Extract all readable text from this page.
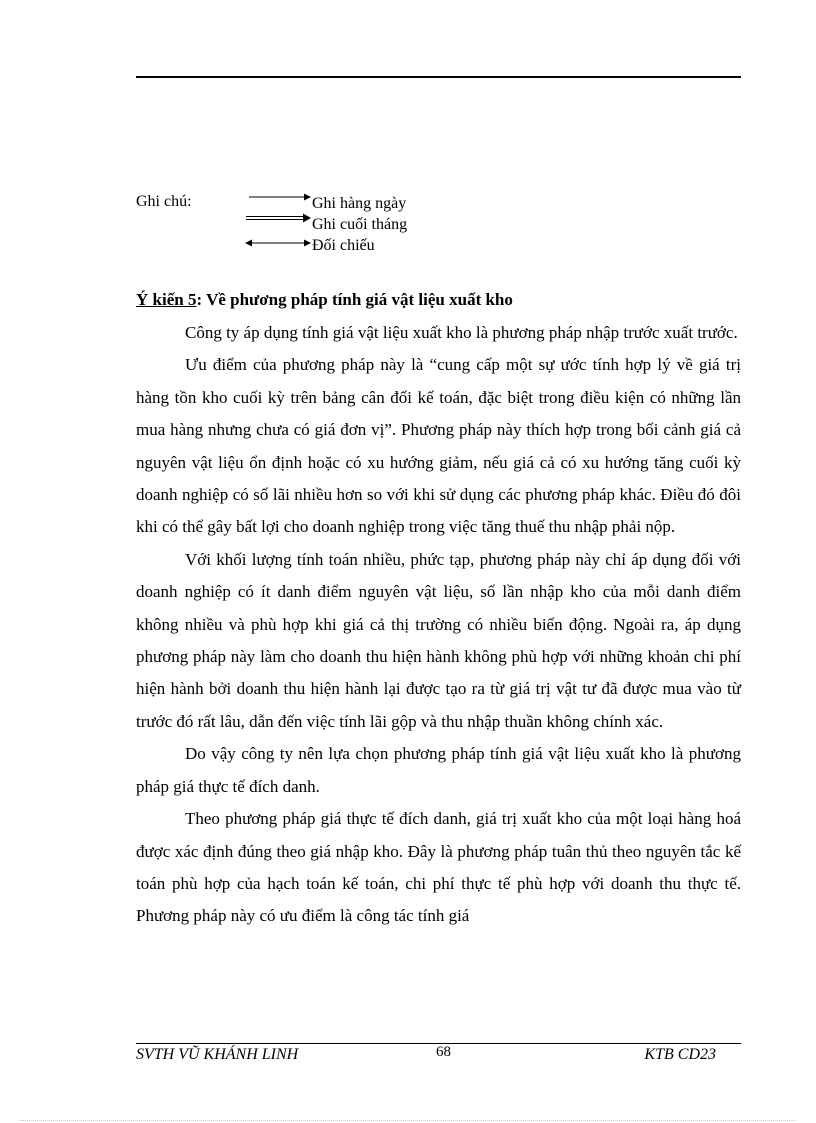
Ghi chú:	Ghi hàng ngày
Ghi cuối tháng
Đối chiếu
Ý kiến 5: Về phương pháp tính giá vật liệu xuất kho

Công ty áp dụng tính giá vật liệu xuất kho là phương pháp nhập trước xuất trước.

Ưu điểm của phương pháp này là “cung cấp một sự ước tính hợp lý về giá trị hàng tồn kho cuối kỳ trên bảng cân đối kế toán, đặc biệt trong điều kiện có những lần mua hàng nhưng chưa có giá đơn vị”. Phương pháp này thích hợp trong bối cảnh giá cả nguyên vật liệu ổn định hoặc có xu hướng giảm, nếu giá cả có xu hướng tăng cuối kỳ doanh nghiệp có số lãi nhiều hơn so với khi sử dụng các phương pháp khác. Điều đó đôi khi có thể gây bất lợi cho doanh nghiệp trong việc tăng thuế thu nhập phải nộp.

Với khối lượng tính toán nhiều, phức tạp, phương pháp này chỉ áp dụng đối với doanh nghiệp có ít danh điểm nguyên vật liệu, số lần nhập kho của mỗi danh điểm không nhiều và phù hợp khi giá cả thị trường có nhiều biến động. Ngoài ra, áp dụng phương pháp này làm cho doanh thu hiện hành không phù hợp với những khoản chi phí hiện hành bởi doanh thu hiện hành lại được tạo ra từ giá trị vật tư đã được mua vào từ trước đó rất lâu, dẫn đến việc tính lãi gộp và thu nhập thuần không chính xác.

Do vậy công ty nên lựa chọn phương pháp tính giá vật liệu xuất kho là phương pháp giá thực tế đích danh.

Theo phương pháp giá thực tế đích danh, giá trị xuất kho của một loại hàng hoá được xác định đúng theo giá nhập kho. Đây là phương pháp tuân thủ theo nguyên tắc kế toán phù hợp của hạch toán kế toán, chi phí thực tế phù hợp với doanh thu thực tế. Phương pháp này có ưu điểm là công tác tính giá

SVTH VŨ KHÁNH LINH	68	KTB CD23
